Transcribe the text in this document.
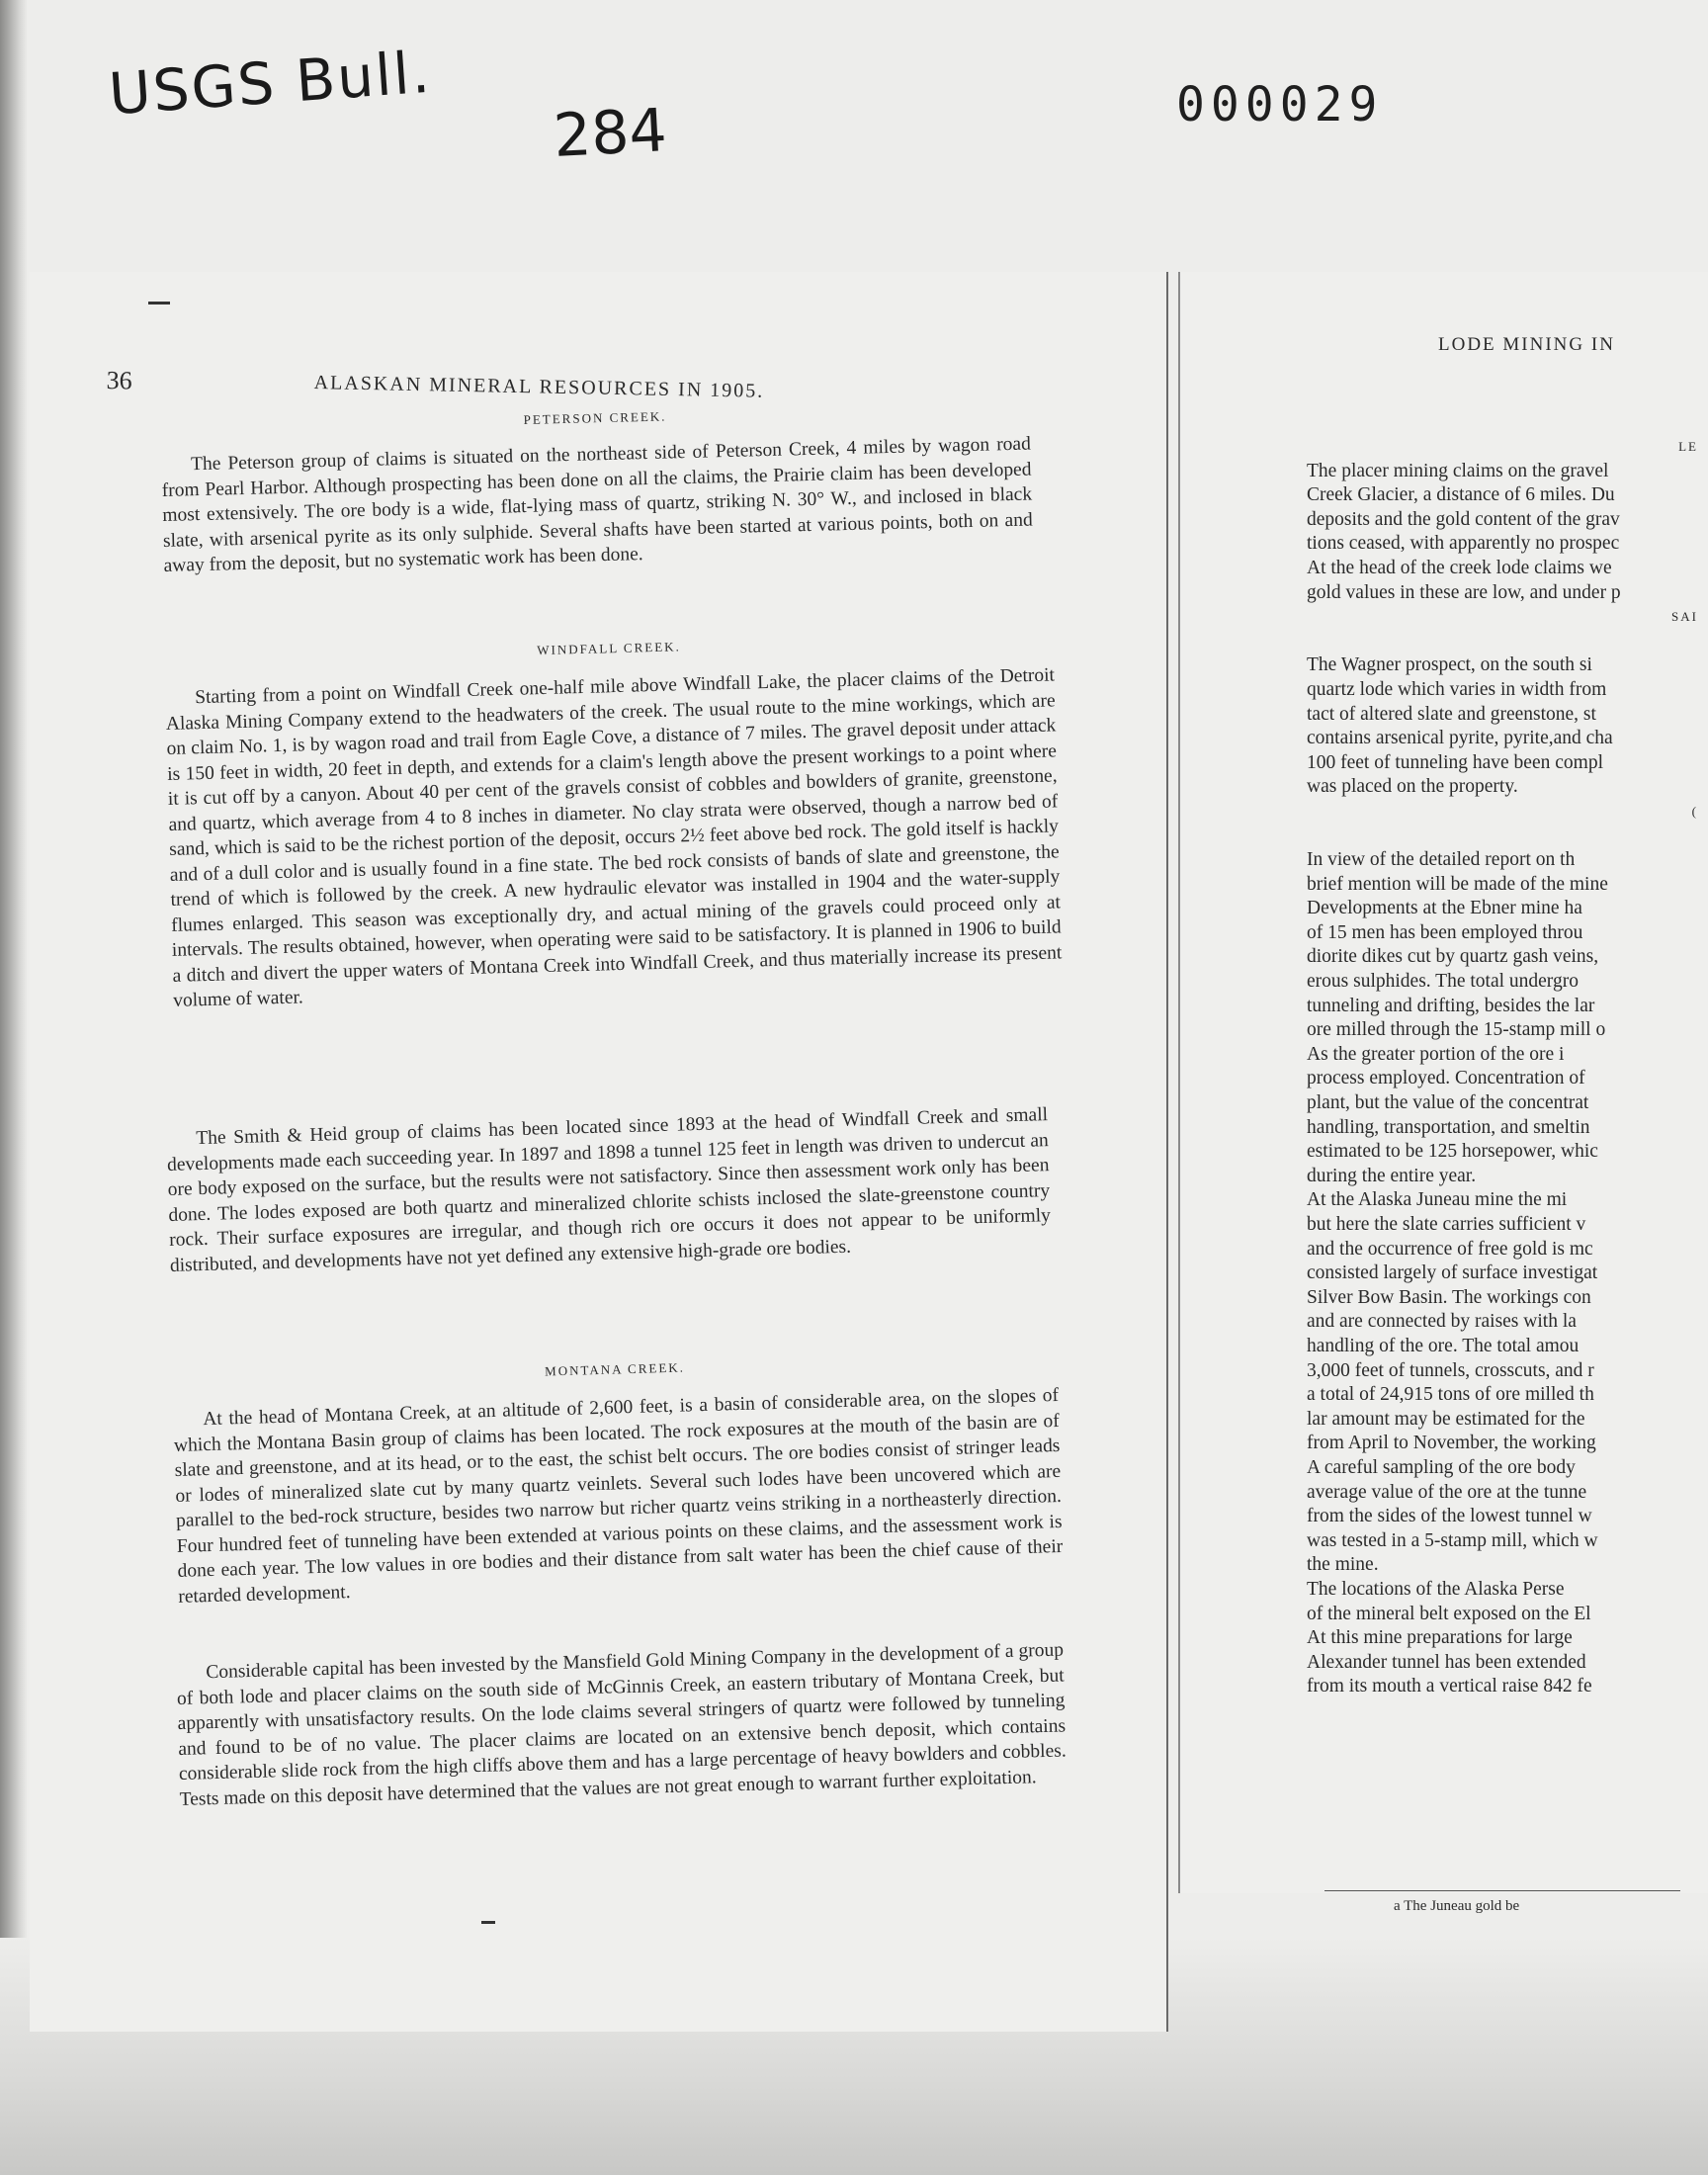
USGS Bull.
284	000029
36	ALASKAN MINERAL RESOURCES IN 1905.

PETERSON CREEK.

The Peterson group of claims is situated on the northeast side of Peterson Creek, 4 miles by wagon road from Pearl Harbor. Although prospecting has been done on all the claims, the Prairie claim has been developed most extensively. The ore body is a wide, flat-lying mass of quartz, striking N. 30° W., and inclosed in black slate, with arsenical pyrite as its only sulphide. Several shafts have been started at various points, both on and away from the deposit, but no systematic work has been done.

WINDFALL CREEK.

Starting from a point on Windfall Creek one-half mile above Windfall Lake, the placer claims of the Detroit Alaska Mining Company extend to the headwaters of the creek. The usual route to the mine workings, which are on claim No. 1, is by wagon road and trail from Eagle Cove, a distance of 7 miles. The gravel deposit under attack is 150 feet in width, 20 feet in depth, and extends for a claim's length above the present workings to a point where it is cut off by a canyon. About 40 per cent of the gravels consist of cobbles and bowlders of granite, greenstone, and quartz, which average from 4 to 8 inches in diameter. No clay strata were observed, though a narrow bed of sand, which is said to be the richest portion of the deposit, occurs 2½ feet above bed rock. The gold itself is hackly and of a dull color and is usually found in a fine state. The bed rock consists of bands of slate and greenstone, the trend of which is followed by the creek. A new hydraulic elevator was installed in 1904 and the water-supply flumes enlarged. This season was exceptionally dry, and actual mining of the gravels could proceed only at intervals. The results obtained, however, when operating were said to be satisfactory. It is planned in 1906 to build a ditch and divert the upper waters of Montana Creek into Windfall Creek, and thus materially increase its present volume of water.

The Smith & Heid group of claims has been located since 1893 at the head of Windfall Creek and small developments made each succeeding year. In 1897 and 1898 a tunnel 125 feet in length was driven to undercut an ore body exposed on the surface, but the results were not satisfactory. Since then assessment work only has been done. The lodes exposed are both quartz and mineralized chlorite schists inclosed the slate-greenstone country rock. Their surface exposures are irregular, and though rich ore occurs it does not appear to be uniformly distributed, and developments have not yet defined any extensive high-grade ore bodies.

MONTANA CREEK.

At the head of Montana Creek, at an altitude of 2,600 feet, is a basin of considerable area, on the slopes of which the Montana Basin group of claims has been located. The rock exposures at the mouth of the basin are of slate and greenstone, and at its head, or to the east, the schist belt occurs. The ore bodies consist of stringer leads or lodes of mineralized slate cut by many quartz veinlets. Several such lodes have been uncovered which are parallel to the bed-rock structure, besides two narrow but richer quartz veins striking in a northeasterly direction. Four hundred feet of tunneling have been extended at various points on these claims, and the assessment work is done each year. The low values in ore bodies and their distance from salt water has been the chief cause of their retarded development.

Considerable capital has been invested by the Mansfield Gold Mining Company in the development of a group of both lode and placer claims on the south side of McGinnis Creek, an eastern tributary of Montana Creek, but apparently with unsatisfactory results. On the lode claims several stringers of quartz were followed by tunneling and found to be of no value. The placer claims are located on an extensive bench deposit, which contains considerable slide rock from the high cliffs above them and has a large percentage of heavy bowlders and cobbles. Tests made on this deposit have determined that the values are not great enough to warrant further exploitation.

LODE MINING IN
LE
The placer mining claims on the gravel
Creek Glacier, a distance of 6 miles. Du
deposits and the gold content of the grav
tions ceased, with apparently no prospec
At the head of the creek lode claims we
gold values in these are low, and under p
SAI
The Wagner prospect, on the south si
quartz lode which varies in width from
tact of altered slate and greenstone, st
contains arsenical pyrite, pyrite,and cha
100 feet of tunneling have been compl
was placed on the property.
(
In view of the detailed report on th
brief mention will be made of the mine
Developments at the Ebner mine ha
of 15 men has been employed throu
diorite dikes cut by quartz gash veins,
erous sulphides. The total undergro
tunneling and drifting, besides the lar
ore milled through the 15-stamp mill o
As the greater portion of the ore i
process employed. Concentration of
plant, but the value of the concentrat
handling, transportation, and smeltin
estimated to be 125 horsepower, whic
during the entire year.
At the Alaska Juneau mine the mi
but here the slate carries sufficient v
and the occurrence of free gold is mc
consisted largely of surface investigat
Silver Bow Basin. The workings con
and are connected by raises with la
handling of the ore. The total amou
3,000 feet of tunnels, crosscuts, and r
a total of 24,915 tons of ore milled th
lar amount may be estimated for the
from April to November, the working
A careful sampling of the ore body
average value of the ore at the tunne
from the sides of the lowest tunnel w
was tested in a 5-stamp mill, which w
the mine.
The locations of the Alaska Perse
of the mineral belt exposed on the El
At this mine preparations for large
Alexander tunnel has been extended
from its mouth a vertical raise 842 fe
a The Juneau gold be
